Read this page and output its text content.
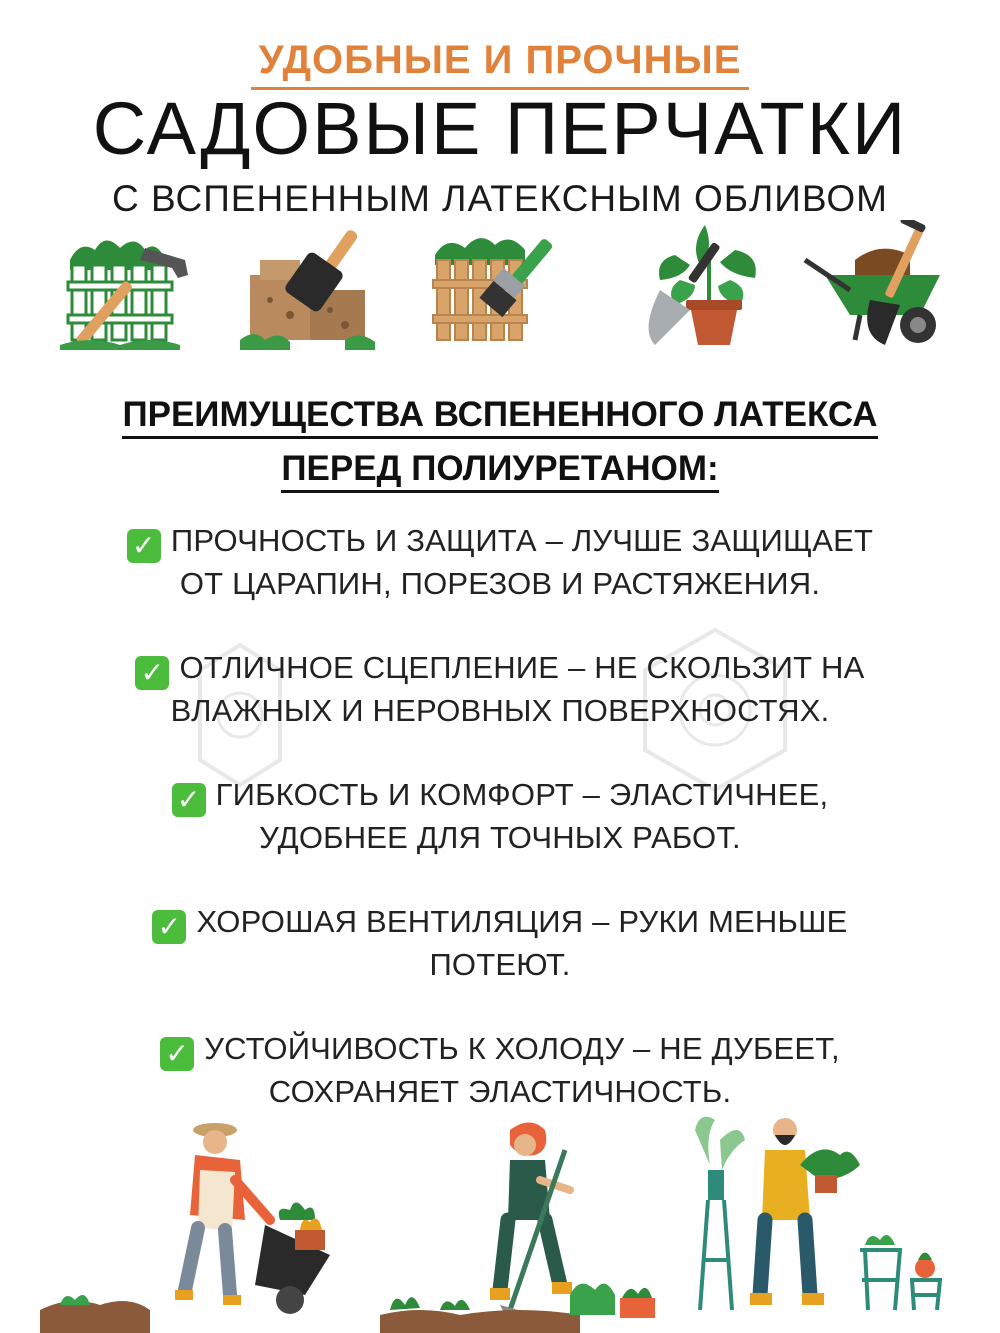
УДОБНЫЕ И ПРОЧНЫЕ
САДОВЫЕ ПЕРЧАТКИ
С ВСПЕНЕННЫМ ЛАТЕКСНЫМ ОБЛИВОМ
ПРЕИМУЩЕСТВА ВСПЕНЕННОГО ЛАТЕКСА
ПЕРЕД ПОЛИУРЕТАНОМ:
✓ ПРОЧНОСТЬ И ЗАЩИТА – ЛУЧШЕ ЗАЩИЩАЕТ
ОТ ЦАРАПИН, ПОРЕЗОВ И РАСТЯЖЕНИЯ.
✓ ОТЛИЧНОЕ СЦЕПЛЕНИЕ – НЕ СКОЛЬЗИТ НА
ВЛАЖНЫХ И НЕРОВНЫХ ПОВЕРХНОСТЯХ.
✓ ГИБКОСТЬ И КОМФОРТ – ЭЛАСТИЧНЕЕ,
УДОБНЕЕ ДЛЯ ТОЧНЫХ РАБОТ.
✓ ХОРОШАЯ ВЕНТИЛЯЦИЯ – РУКИ МЕНЬШЕ
ПОТЕЮТ.
✓ УСТОЙЧИВОСТЬ К ХОЛОДУ – НЕ ДУБЕЕТ,
СОХРАНЯЕТ ЭЛАСТИЧНОСТЬ.
